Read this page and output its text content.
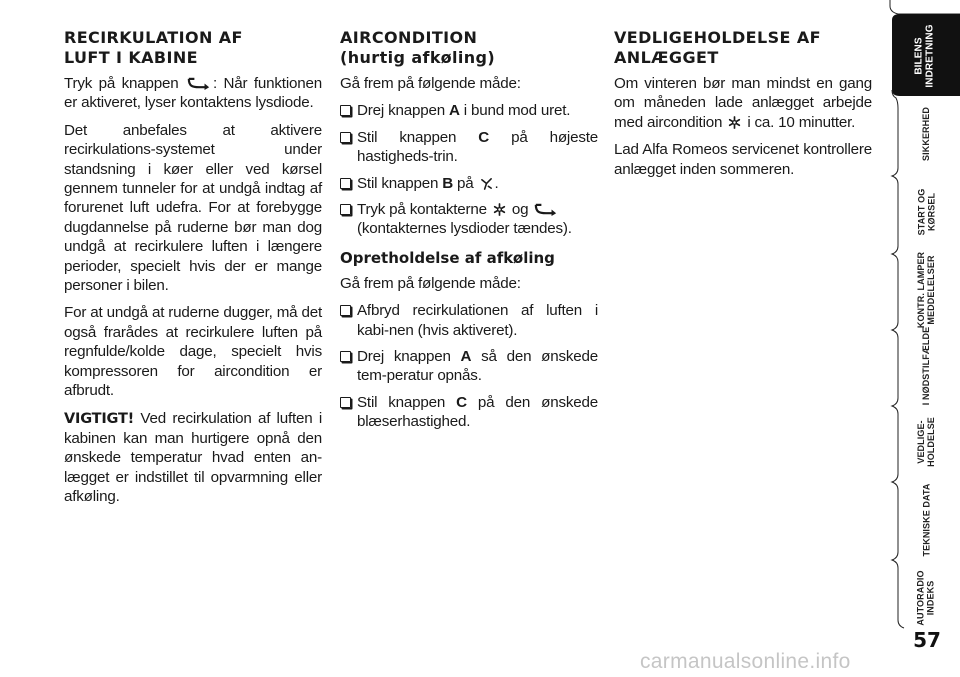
RECIRKULATION AF
LUFT I KABINE

Tryk på knappen : Når funktionen er aktiveret, lyser kontaktens lysdiode.

Det anbefales at aktivere recirkulations-systemet under standsning i køer eller ved kørsel gennem tunneler for at undgå indtag af forurenet luft udefra. For at forebygge dugdannelse på ruderne bør man dog undgå at recirkulere luften i længere perioder, specielt hvis der er mange personer i bilen.

For at undgå at ruderne dugger, må det også frarådes at recirkulere luften på regnfulde/kolde dage, specielt hvis kompressoren for aircondition er afbrudt.

VIGTIGT! Ved recirkulation af luften i kabinen kan man hurtigere opnå den ønskede temperatur hvad enten an-lægget er indstillet til opvarmning eller afkøling.

AIRCONDITION
(hurtig afkøling)

Gå frem på følgende måde:

Drej knappen A i bund mod uret.
Stil knappen C på højeste hastigheds-trin.
Stil knappen B på .
Tryk på kontakterne og
(kontakternes lysdioder tændes).
Opretholdelse af afkøling

Gå frem på følgende måde:

Afbryd recirkulationen af luften i kabi-nen (hvis aktiveret).
Drej knappen A så den ønskede tem-peratur opnås.
Stil knappen C på den ønskede blæserhastighed.
VEDLIGEHOLDELSE AF
ANLÆGGET

Om vinteren bør man mindst en gang om måneden lade anlægget arbejde med aircondition i ca. 10 minutter.

Lad Alfa Romeos servicenet kontrollere anlægget inden sommeren.

BILENS
INDRETNING
SIKKERHED
START OG
KØRSEL
KONTR. LAMPER
MEDDELELSER
I NØDSTILFÆLDE
VEDLIGE-
HOLDELSE
TEKNISKE DATA
AUTORADIO
INDEKS
57
carmanualsonline.info
